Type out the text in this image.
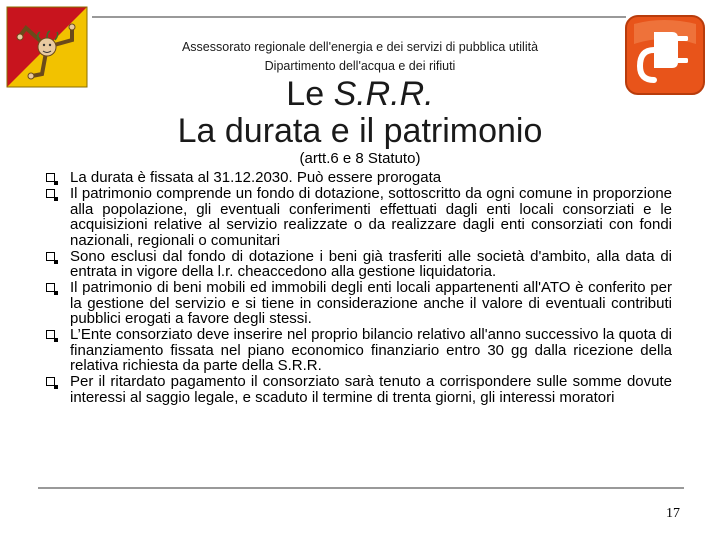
Assessorato regionale dell'energia e dei servizi di pubblica utilità
Dipartimento dell'acqua e dei rifiuti
Le S.R.R.
La durata e il patrimonio
(artt.6 e 8 Statuto)
La durata è fissata al 31.12.2030. Può essere prorogata
Il patrimonio comprende un fondo di dotazione, sottoscritto da ogni comune in proporzione alla popolazione, gli eventuali conferimenti effettuati dagli enti locali consorziati e le acquisizioni relative al servizio realizzate o da realizzare dagli enti consorziati con fondi nazionali, regionali o comunitari
Sono esclusi dal fondo di dotazione i beni già trasferiti alle società d'ambito, alla data di entrata in vigore della l.r. cheaccedono alla gestione liquidatoria.
Il patrimonio di beni mobili ed immobili degli enti locali appartenenti all'ATO è conferito per la gestione del servizio e si tiene in considerazione anche il valore di eventuali contributi pubblici erogati a favore degli stessi.
L’Ente consorziato deve inserire nel proprio bilancio relativo all'anno successivo la quota di finanziamento fissata nel piano economico finanziario entro 30 gg dalla ricezione della relativa richiesta da parte della S.R.R.
Per il ritardato pagamento il consorziato sarà tenuto a corrispondere sulle somme dovute interessi al saggio legale, e scaduto il termine di trenta giorni, gli interessi moratori
17
